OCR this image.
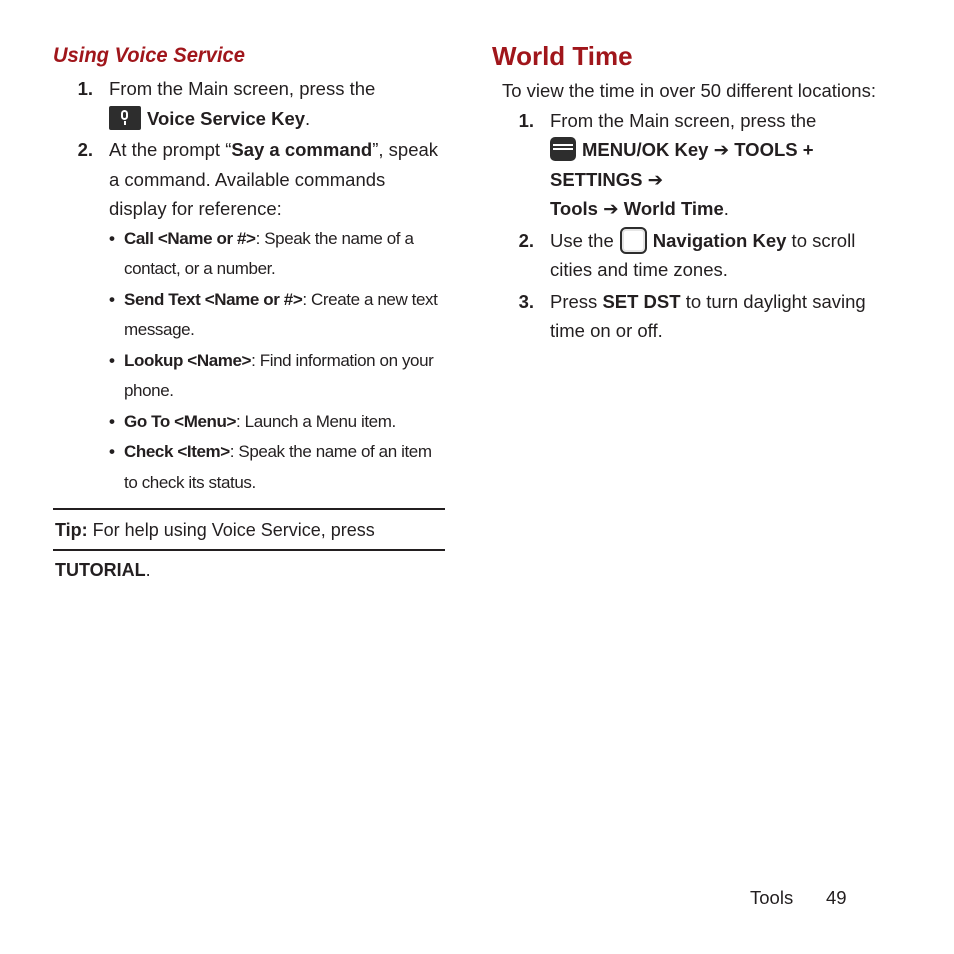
Using Voice Service
1. From the Main screen, press the
Voice Service Key.
2. At the prompt “Say a command”, speak a command. Available commands display for reference:
• Call <Name or #>: Speak the name of a contact, or a number.
• Send Text <Name or #>: Create a new text message.
• Lookup <Name>: Find information on your phone.
• Go To <Menu>: Launch a Menu item.
• Check <Item>: Speak the name of an item to check its status.
Tip: For help using Voice Service, press TUTORIAL.
World Time
To view the time in over 50 different locations:
1. From the Main screen, press the
MENU/OK Key ➔ TOOLS + SETTINGS ➔
Tools ➔ World Time.
2. Use the Navigation Key to scroll cities and time zones.
3. Press SET DST to turn daylight saving time on or off.
Tools 49
